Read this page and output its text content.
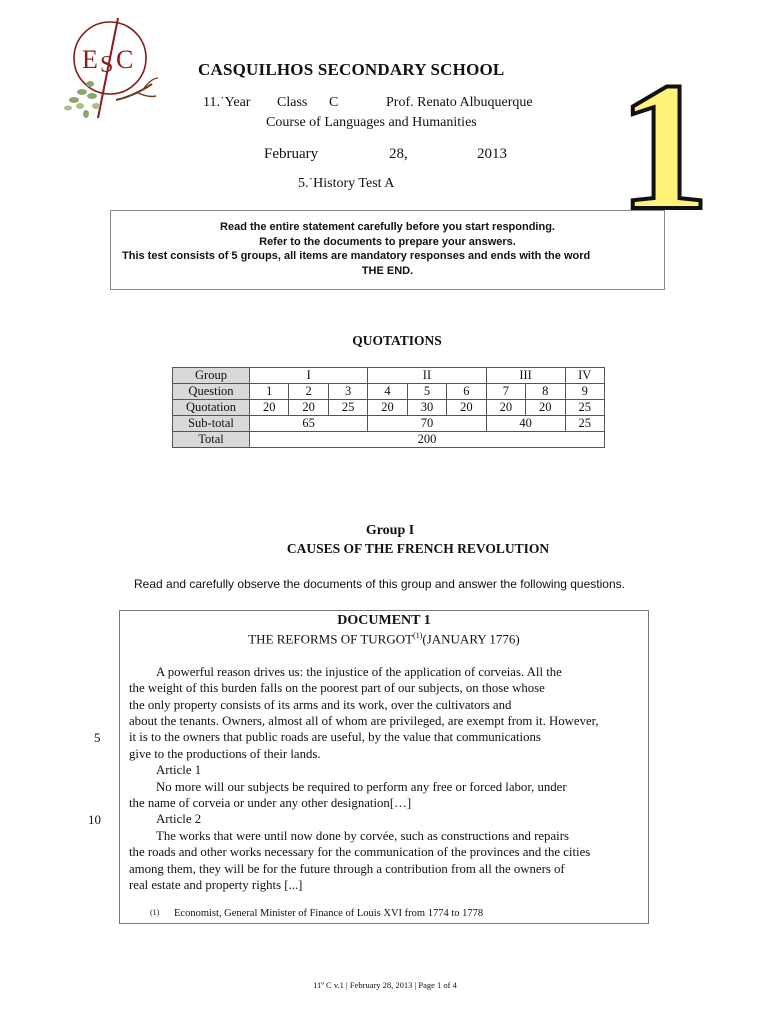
E S C	CASQUILHOS SECONDARY SCHOOL
11.˙Year Class C	Prof. Renato Albuquerque
Course of Languages and Humanities
February	28,	2013
5.˙History Test A 1
Read the entire statement carefully before you start responding.
Refer to the documents to prepare your answers.
This test consists of 5 groups, all items are mandatory responses and ends with the word
THE END.
QUOTATIONS
Group	I			II			III		IV
Question	1	2	3	4	5	6	7	8	9
Quotation	20	20	25	20	30	20	20	20	25
Sub-total	65			70			40		25
Total	200								
Group I
CAUSES OF THE FRENCH REVOLUTION
Read and carefully observe the documents of this group and answer the following questions.
5
10
DOCUMENT 1
THE REFORMS OF TURGOT$^{(1)}$(JANUARY 1776)
A powerful reason drives us: the injustice of the application of corveias. All the
the weight of this burden falls on the poorest part of our subjects, on those whose
the only property consists of its arms and its work, over the cultivators and
about the tenants. Owners, almost all of whom are privileged, are exempt from it. However,
it is to the owners that public roads are useful, by the value that communications
give to the productions of their lands.
Article 1
No more will our subjects be required to perform any free or forced labor, under
the name of corveia or under any other designation[…]
Article 2
The works that were until now done by corvée, such as constructions and repairs
the roads and other works necessary for the communication of the provinces and the cities
among them, they will be for the future through a contribution from all the owners of
real estate and property rights [...]
(1) Economist, General Minister of Finance of Louis XVI from 1774 to 1778
11º C v.1 | February 28, 2013 | Page 1 of 4
